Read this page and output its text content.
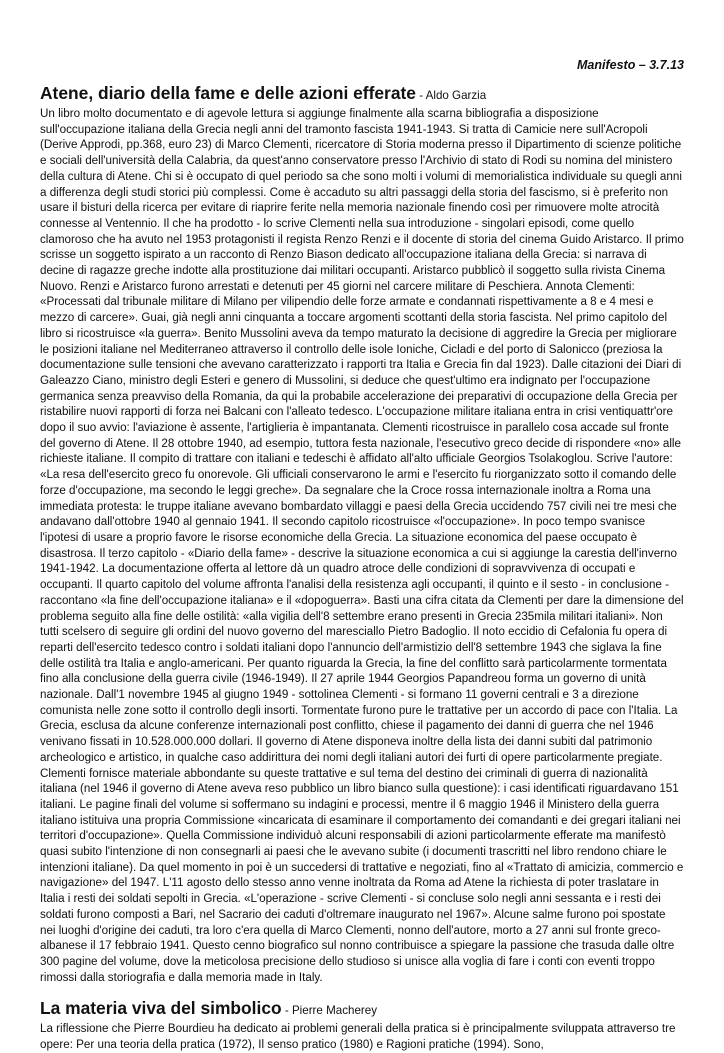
Manifesto – 3.7.13

Atene, diario della fame e delle azioni efferate - Aldo Garzia

Un libro molto documentato e di agevole lettura si aggiunge finalmente alla scarna bibliografia a disposizione sull'occupazione italiana della Grecia negli anni del tramonto fascista 1941-1943. Si tratta di Camicie nere sull'Acropoli (Derive Approdi, pp.368, euro 23) di Marco Clementi, ricercatore di Storia moderna presso il Dipartimento di scienze politiche e sociali dell'università della Calabria, da quest'anno conservatore presso l'Archivio di stato di Rodi su nomina del ministero della cultura di Atene. Chi si è occupato di quel periodo sa che sono molti i volumi di memorialistica individuale su quegli anni a differenza degli studi storici più complessi. Come è accaduto su altri passaggi della storia del fascismo, si è preferito non usare il bisturi della ricerca per evitare di riaprire ferite nella memoria nazionale finendo così per rimuovere molte atrocità connesse al Ventennio. Il che ha prodotto - lo scrive Clementi nella sua introduzione - singolari episodi, come quello clamoroso che ha avuto nel 1953 protagonisti il regista Renzo Renzi e il docente di storia del cinema Guido Aristarco. Il primo scrisse un soggetto ispirato a un racconto di Renzo Biason dedicato all'occupazione italiana della Grecia: si narrava di decine di ragazze greche indotte alla prostituzione dai militari occupanti. Aristarco pubblicò il soggetto sulla rivista Cinema Nuovo. Renzi e Aristarco furono arrestati e detenuti per 45 giorni nel carcere militare di Peschiera. Annota Clementi: «Processati dal tribunale militare di Milano per vilipendio delle forze armate e condannati rispettivamente a 8 e 4 mesi e mezzo di carcere». Guai, già negli anni cinquanta a toccare argomenti scottanti della storia fascista. Nel primo capitolo del libro si ricostruisce «la guerra». Benito Mussolini aveva da tempo maturato la decisione di aggredire la Grecia per migliorare le posizioni italiane nel Mediterraneo attraverso il controllo delle isole Ioniche, Cicladi e del porto di Salonicco (preziosa la documentazione sulle tensioni che avevano caratterizzato i rapporti tra Italia e Grecia fin dal 1923). Dalle citazioni dei Diari di Galeazzo Ciano, ministro degli Esteri e genero di Mussolini, si deduce che quest'ultimo era indignato per l'occupazione germanica senza preavviso della Romania, da qui la probabile accelerazione dei preparativi di occupazione della Grecia per ristabilire nuovi rapporti di forza nei Balcani con l'alleato tedesco. L'occupazione militare italiana entra in crisi ventiquattr'ore dopo il suo avvio: l'aviazione è assente, l'artiglieria è impantanata. Clementi ricostruisce in parallelo cosa accade sul fronte del governo di Atene. Il 28 ottobre 1940, ad esempio, tuttora festa nazionale, l'esecutivo greco decide di rispondere «no» alle richieste italiane. Il compito di trattare con italiani e tedeschi è affidato all'alto ufficiale Georgios Tsolakoglou. Scrive l'autore: «La resa dell'esercito greco fu onorevole. Gli ufficiali conservarono le armi e l'esercito fu riorganizzato sotto il comando delle forze d'occupazione, ma secondo le leggi greche». Da segnalare che la Croce rossa internazionale inoltra a Roma una immediata protesta: le truppe italiane avevano bombardato villaggi e paesi della Grecia uccidendo 757 civili nei tre mesi che andavano dall'ottobre 1940 al gennaio 1941. Il secondo capitolo ricostruisce «l'occupazione». In poco tempo svanisce l'ipotesi di usare a proprio favore le risorse economiche della Grecia. La situazione economica del paese occupato è disastrosa. Il terzo capitolo - «Diario della fame» - descrive la situazione economica a cui si aggiunge la carestia dell'inverno 1941-1942. La documentazione offerta al lettore dà un quadro atroce delle condizioni di sopravvivenza di occupati e occupanti. Il quarto capitolo del volume affronta l'analisi della resistenza agli occupanti, il quinto e il sesto - in conclusione - raccontano «la fine dell'occupazione italiana» e il «dopoguerra». Basti una cifra citata da Clementi per dare la dimensione del problema seguito alla fine delle ostilità: «alla vigilia dell'8 settembre erano presenti in Grecia 235mila militari italiani». Non tutti scelsero di seguire gli ordini del nuovo governo del maresciallo Pietro Badoglio. Il noto eccidio di Cefalonia fu opera di reparti dell'esercito tedesco contro i soldati italiani dopo l'annuncio dell'armistizio dell'8 settembre 1943 che siglava la fine delle ostilità tra Italia e anglo-americani. Per quanto riguarda la Grecia, la fine del conflitto sarà particolarmente tormentata fino alla conclusione della guerra civile (1946-1949). Il 27 aprile 1944 Georgios Papandreou forma un governo di unità nazionale. Dall'1 novembre 1945 al giugno 1949 - sottolinea Clementi - si formano 11 governi centrali e 3 a direzione comunista nelle zone sotto il controllo degli insorti. Tormentate furono pure le trattative per un accordo di pace con l'Italia. La Grecia, esclusa da alcune conferenze internazionali post conflitto, chiese il pagamento dei danni di guerra che nel 1946 venivano fissati in 10.528.000.000 dollari. Il governo di Atene disponeva inoltre della lista dei danni subiti dal patrimonio archeologico e artistico, in qualche caso addirittura dei nomi degli italiani autori dei furti di opere particolarmente pregiate. Clementi fornisce materiale abbondante su queste trattative e sul tema del destino dei criminali di guerra di nazionalità italiana (nel 1946 il governo di Atene aveva reso pubblico un libro bianco sulla questione): i casi identificati riguardavano 151 italiani. Le pagine finali del volume si soffermano su indagini e processi, mentre il 6 maggio 1946 il Ministero della guerra italiano istituiva una propria Commissione «incaricata di esaminare il comportamento dei comandanti e dei gregari italiani nei territori d'occupazione». Quella Commissione individuò alcuni responsabili di azioni particolarmente efferate ma manifestò quasi subito l'intenzione di non consegnarli ai paesi che le avevano subite (i documenti trascritti nel libro rendono chiare le intenzioni italiane). Da quel momento in poi è un succedersi di trattative e negoziati, fino al «Trattato di amicizia, commercio e navigazione» del 1947. L'11 agosto dello stesso anno venne inoltrata da Roma ad Atene la richiesta di poter traslatare in Italia i resti dei soldati sepolti in Grecia. «L'operazione - scrive Clementi - si concluse solo negli anni sessanta e i resti dei soldati furono composti a Bari, nel Sacrario dei caduti d'oltremare inaugurato nel 1967». Alcune salme furono poi spostate nei luoghi d'origine dei caduti, tra loro c'era quella di Marco Clementi, nonno dell'autore, morto a 27 anni sul fronte greco-albanese il 17 febbraio 1941. Questo cenno biografico sul nonno contribuisce a spiegare la passione che trasuda dalle oltre 300 pagine del volume, dove la meticolosa precisione dello studioso si unisce alla voglia di fare i conti con eventi troppo rimossi dalla storiografia e dalla memoria made in Italy.

La materia viva del simbolico - Pierre Macherey

La riflessione che Pierre Bourdieu ha dedicato ai problemi generali della pratica si è principalmente sviluppata attraverso tre opere: Per una teoria della pratica (1972), Il senso pratico (1980) e Ragioni pratiche (1994). Sono,
